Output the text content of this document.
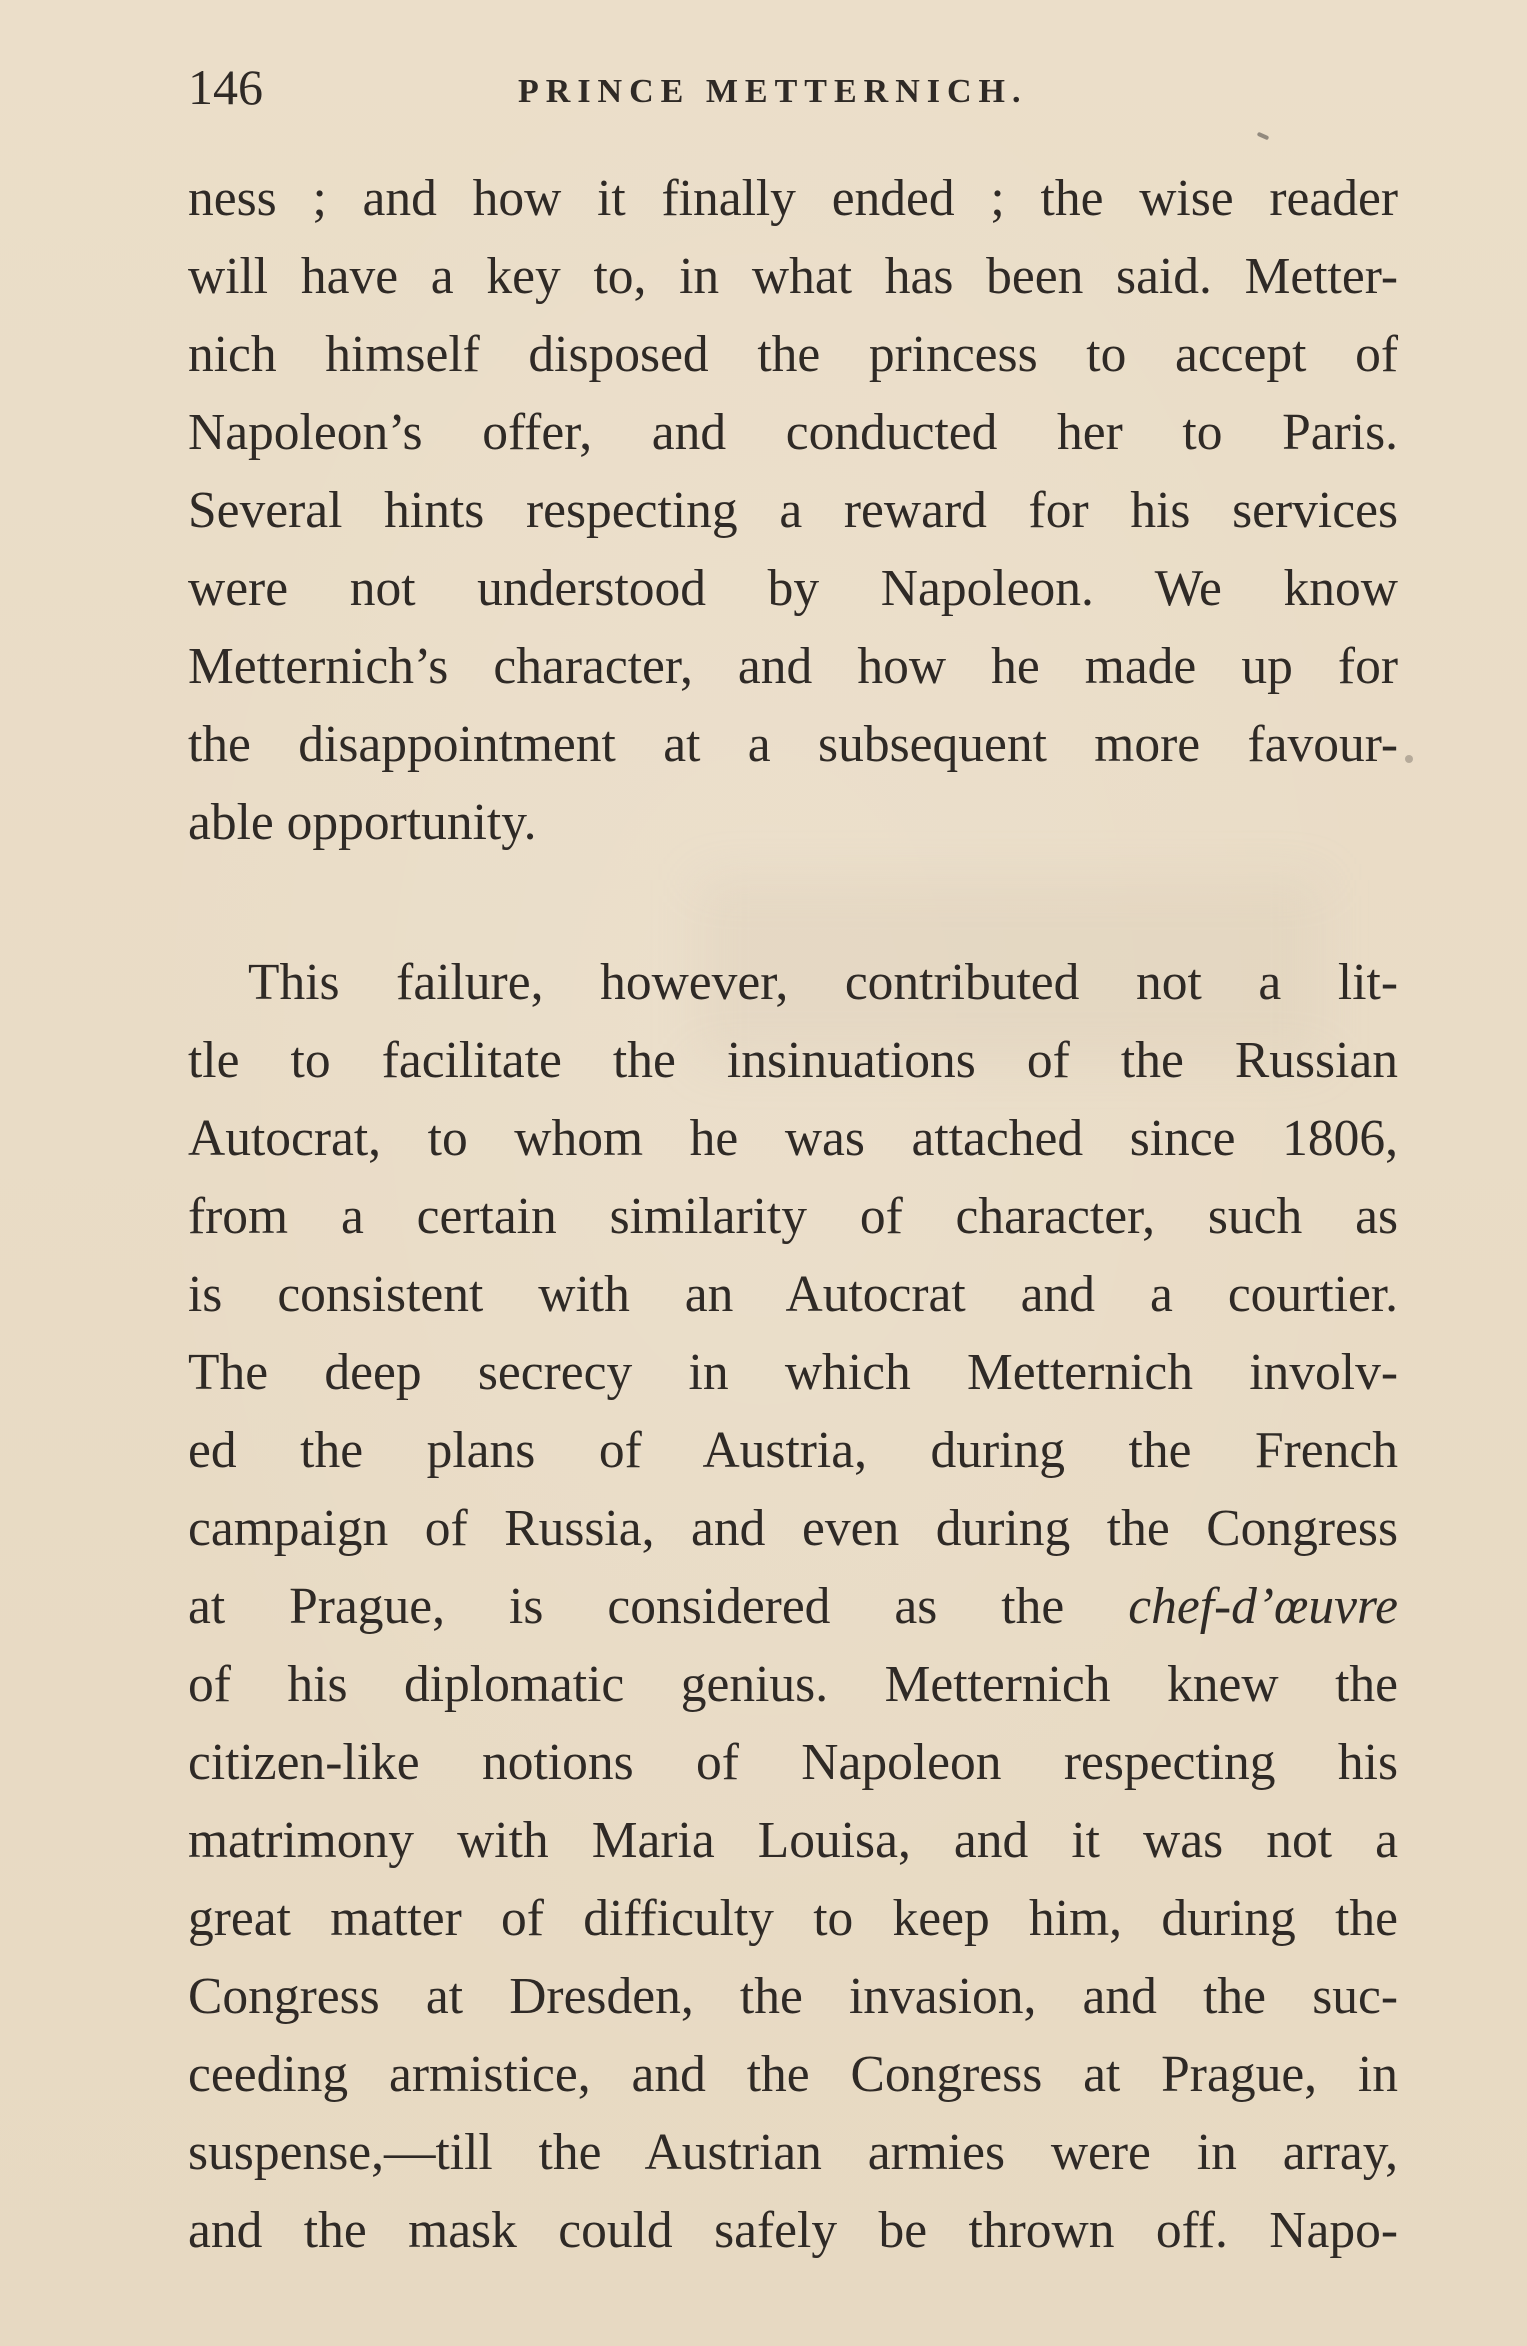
146	PRINCE METTERNICH.
ness ; and how it finally ended ; the wise reader
will have a key to, in what has been said. Metter-
nich himself disposed the princess to accept of
Napoleon’s offer, and conducted her to Paris.
Several hints respecting a reward for his services
were not understood by Napoleon. We know
Metternich’s character, and how he made up for
the disappointment at a subsequent more favour-
able opportunity.
This failure, however, contributed not a lit-
tle to facilitate the insinuations of the Russian
Autocrat, to whom he was attached since 1806,
from a certain similarity of character, such as
is consistent with an Autocrat and a courtier.
The deep secrecy in which Metternich involv-
ed the plans of Austria, during the French
campaign of Russia, and even during the Congress
at Prague, is considered as the chef-d’œuvre
of his diplomatic genius. Metternich knew the
citizen-like notions of Napoleon respecting his
matrimony with Maria Louisa, and it was not a
great matter of difficulty to keep him, during the
Congress at Dresden, the invasion, and the suc-
ceeding armistice, and the Congress at Prague, in
suspense,—till the Austrian armies were in array,
and the mask could safely be thrown off. Napo-
